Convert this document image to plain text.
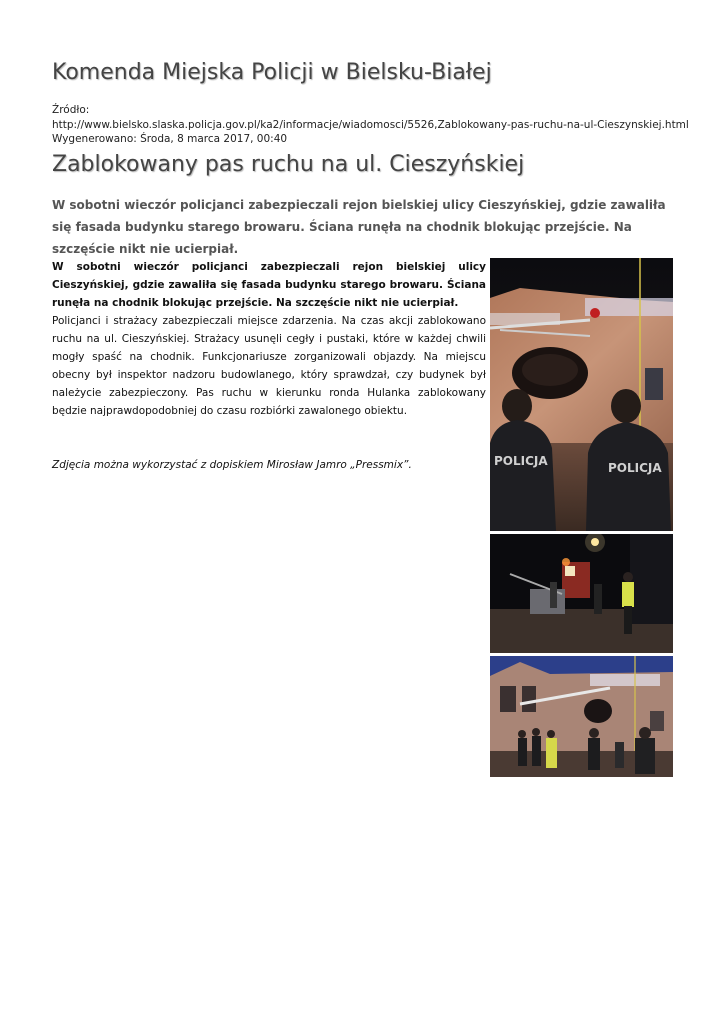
Komenda Miejska Policji w Bielsku-Białej
Źródło:
http://www.bielsko.slaska.policja.gov.pl/ka2/informacje/wiadomosci/5526,Zablokowany-pas-ruchu-na-ul-Cieszynskiej.html
Wygenerowano: Środa, 8 marca 2017, 00:40
Zablokowany pas ruchu na ul. Cieszyńskiej

W sobotni wieczór policjanci zabezpieczali rejon bielskiej ulicy Cieszyńskiej, gdzie zawaliła się fasada budynku starego browaru. Ściana runęła na chodnik blokując przejście. Na szczęście nikt nie ucierpiał.

W sobotni wieczór policjanci zabezpieczali rejon bielskiej ulicy Cieszyńskiej, gdzie zawaliła się fasada budynku starego browaru. Ściana runęła na chodnik blokując przejście. Na szczęście nikt nie ucierpiał.

Policjanci i strażacy zabezpieczali miejsce zdarzenia. Na czas akcji zablokowano ruchu na ul. Cieszyńskiej. Strażacy usunęli cegły i pustaki, które w każdej chwili mogły spaść na chodnik. Funkcjonariusze zorganizowali objazdy. Na miejscu obecny był inspektor nadzoru budowlanego, który sprawdzał, czy budynek był należycie zabezpieczony. Pas ruchu w kierunku ronda Hulanka zablokowany będzie najprawdopodobniej do czasu rozbiórki zawalonego obiektu.

Zdjęcia można wykorzystać z dopiskiem Mirosław Jamro „Pressmix”.	POLICJA	POLICJA
